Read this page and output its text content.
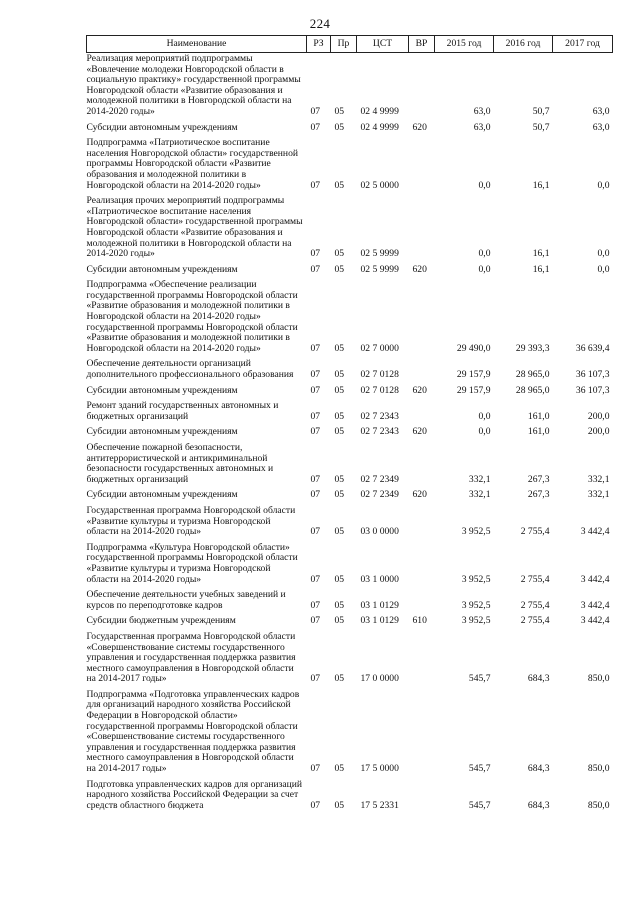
224
Наименование	РЗ	Пр	ЦСТ	ВР	2015 год	2016 год	2017 год
Реализация мероприятий подпрограммы «Вовлечение молодежи Новгородской области в социальную практику» государственной программы Новгородской области «Развитие образования и молодежной политики в Новгородской области на 2014-2020 годы»	07	05	02 4 9999		63,0	50,7	63,0
Субсидии автономным учреждениям	07	05	02 4 9999	620	63,0	50,7	63,0
Подпрограмма «Патриотическое воспитание населения Новгородской области» государственной программы Новгородской области «Развитие образования и молодежной политики в Новгородской области на 2014-2020 годы»	07	05	02 5 0000		0,0	16,1	0,0
Реализация прочих мероприятий подпрограммы «Патриотическое воспитание населения Новгородской области» государственной программы Новгородской области «Развитие образования и молодежной политики в Новгородской области на 2014-2020 годы»	07	05	02 5 9999		0,0	16,1	0,0
Субсидии автономным учреждениям	07	05	02 5 9999	620	0,0	16,1	0,0
Подпрограмма «Обеспечение реализации государственной программы Новгородской области «Развитие образования и молодежной политики в Новгородской области на 2014-2020 годы» государственной программы Новгородской области «Развитие образования и молодежной политики в Новгородской области на 2014-2020 годы»	07	05	02 7 0000		29 490,0	29 393,3	36 639,4
Обеспечение деятельности организаций дополнительного профессионального образования	07	05	02 7 0128		29 157,9	28 965,0	36 107,3
Субсидии автономным учреждениям	07	05	02 7 0128	620	29 157,9	28 965,0	36 107,3
Ремонт зданий государственных автономных и бюджетных организаций	07	05	02 7 2343		0,0	161,0	200,0
Субсидии автономным учреждениям	07	05	02 7 2343	620	0,0	161,0	200,0
Обеспечение пожарной безопасности, антитеррористической и антикриминальной безопасности государственных автономных и бюджетных организаций	07	05	02 7 2349		332,1	267,3	332,1
Субсидии автономным учреждениям	07	05	02 7 2349	620	332,1	267,3	332,1
Государственная программа Новгородской области «Развитие культуры и туризма Новгородской области на 2014-2020 годы»	07	05	03 0 0000		3 952,5	2 755,4	3 442,4
Подпрограмма «Культура Новгородской области» государственной программы Новгородской области «Развитие культуры и туризма Новгородской области на 2014-2020 годы»	07	05	03 1 0000		3 952,5	2 755,4	3 442,4
Обеспечение деятельности учебных заведений и курсов по переподготовке кадров	07	05	03 1 0129		3 952,5	2 755,4	3 442,4
Субсидии бюджетным учреждениям	07	05	03 1 0129	610	3 952,5	2 755,4	3 442,4
Государственная программа Новгородской области «Совершенствование системы государственного управления и государственная поддержка развития местного самоуправления в Новгородской области на 2014-2017 годы»	07	05	17 0 0000		545,7	684,3	850,0
Подпрограмма «Подготовка управленческих кадров для организаций народного хозяйства Российской Федерации в Новгородской области» государственной программы Новгородской области «Совершенствование системы государственного управления и государственная поддержка развития местного самоуправления в Новгородской области на 2014-2017 годы»	07	05	17 5 0000		545,7	684,3	850,0
Подготовка управленческих кадров для организаций народного хозяйства Российской Федерации за счет средств областного бюджета	07	05	17 5 2331		545,7	684,3	850,0
